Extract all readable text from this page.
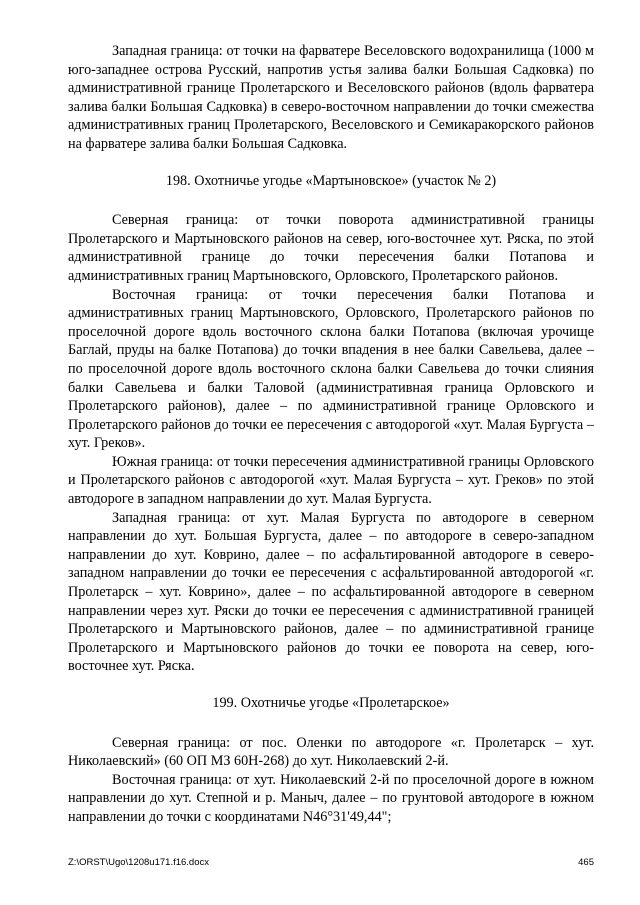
Западная граница: от точки на фарватере Веселовского водохранилища (1000 м юго-западнее острова Русский, напротив устья залива балки Большая Садковка) по административной границе Пролетарского и Веселовского районов (вдоль фарватера залива балки Большая Садковка) в северо-восточном направлении до точки смежества административных границ Пролетарского, Веселовского и Семикаракорского районов на фарватере залива балки Большая Садковка.

198. Охотничье угодье «Мартыновское» (участок № 2)

Северная граница: от точки поворота административной границы Пролетарского и Мартыновского районов на север, юго-восточнее хут. Ряска, по этой административной границе до точки пересечения балки Потапова и административных границ Мартыновского, Орловского, Пролетарского районов.

Восточная граница: от точки пересечения балки Потапова и административных границ Мартыновского, Орловского, Пролетарского районов по проселочной дороге вдоль восточного склона балки Потапова (включая урочище Баглай, пруды на балке Потапова) до точки впадения в нее балки Савельева, далее – по проселочной дороге вдоль восточного склона балки Савельева до точки слияния балки Савельева и балки Таловой (административная граница Орловского и Пролетарского районов), далее – по административной границе Орловского и Пролетарского районов до точки ее пересечения с автодорогой «хут. Малая Бургуста – хут. Греков».

Южная граница: от точки пересечения административной границы Орловского и Пролетарского районов с автодорогой «хут. Малая Бургуста – хут. Греков» по этой автодороге в западном направлении до хут. Малая Бургуста.

Западная граница: от хут. Малая Бургуста по автодороге в северном направлении до хут. Большая Бургуста, далее – по автодороге в северо-западном направлении до хут. Коврино, далее – по асфальтированной автодороге в северо-западном направлении до точки ее пересечения с асфальтированной автодорогой «г. Пролетарск – хут. Коврино», далее – по асфальтированной автодороге в северном направлении через хут. Ряски до точки ее пересечения с административной границей Пролетарского и Мартыновского районов, далее – по административной границе Пролетарского и Мартыновского районов до точки ее поворота на север, юго-восточнее хут. Ряска.

199. Охотничье угодье «Пролетарское»

Северная граница: от пос. Оленки по автодороге «г. Пролетарск – хут. Николаевский» (60 ОП МЗ 60Н-268) до хут. Николаевский 2-й.

Восточная граница: от хут. Николаевский 2-й по проселочной дороге в южном направлении до хут. Степной и р. Маныч, далее – по грунтовой автодороге в южном направлении до точки с координатами N46°31'49,44";

Z:\ORST\Ugo\1208u171.f16.docx	465
